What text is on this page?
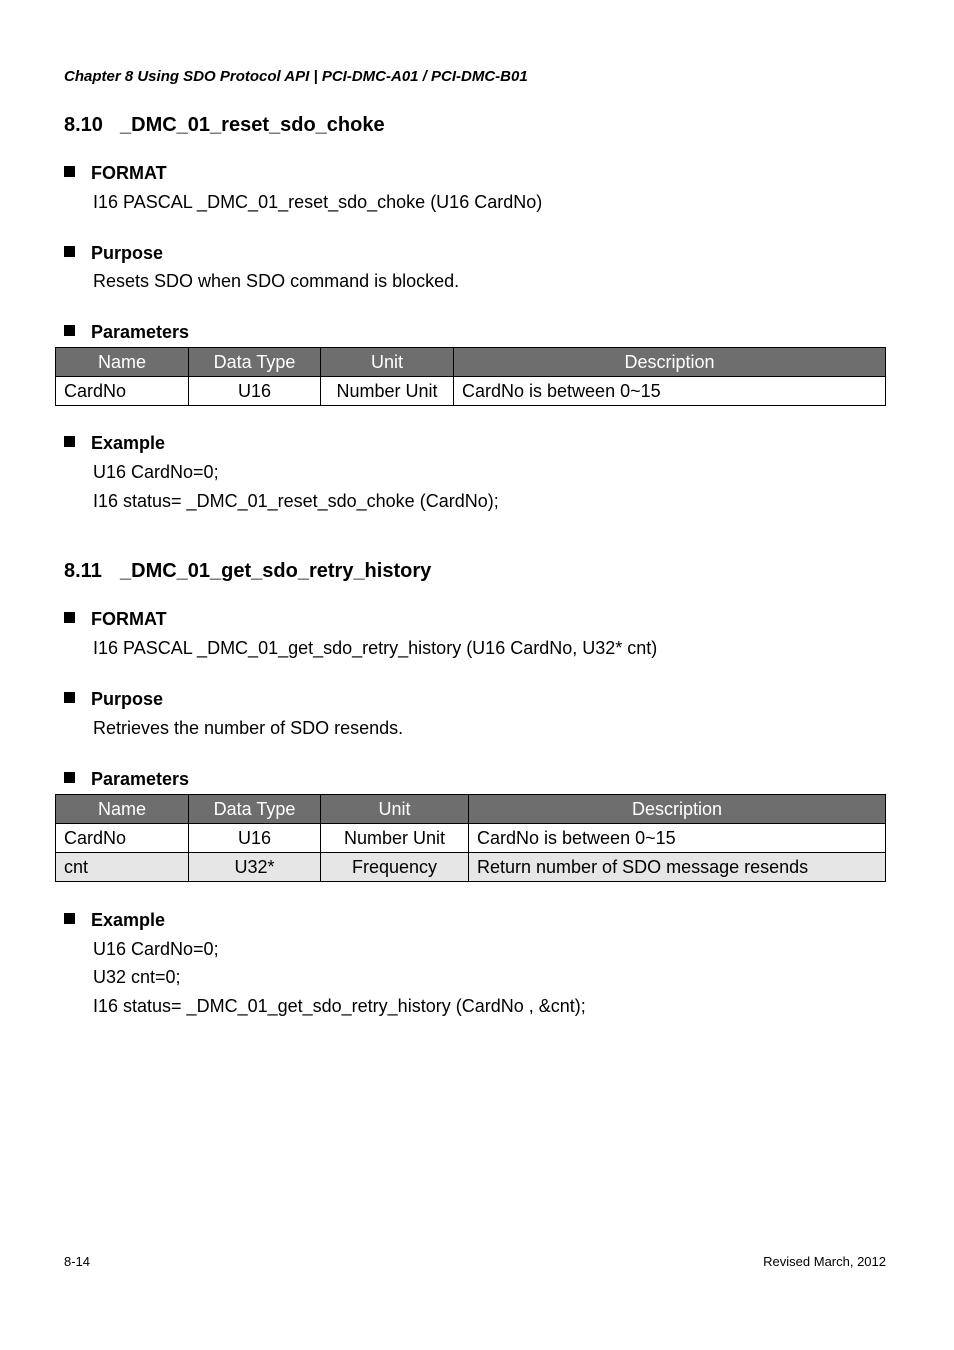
Chapter 8 Using SDO Protocol API | PCI-DMC-A01 / PCI-DMC-B01
8.10 _DMC_01_reset_sdo_choke
FORMAT
I16 PASCAL _DMC_01_reset_sdo_choke (U16 CardNo)
Purpose
Resets SDO when SDO command is blocked.
Parameters
Name	Data Type	Unit	Description
CardNo	U16	Number Unit	CardNo is between 0~15
Example
U16 CardNo=0;
I16 status= _DMC_01_reset_sdo_choke (CardNo);
8.11 _DMC_01_get_sdo_retry_history
FORMAT
I16 PASCAL _DMC_01_get_sdo_retry_history (U16 CardNo, U32* cnt)
Purpose
Retrieves the number of SDO resends.
Parameters
Name	Data Type	Unit	Description
CardNo	U16	Number Unit	CardNo is between 0~15
cnt	U32*	Frequency	Return number of SDO message resends
Example
U16 CardNo=0;
U32 cnt=0;
I16 status= _DMC_01_get_sdo_retry_history (CardNo , &cnt);
8-14	Revised March, 2012
